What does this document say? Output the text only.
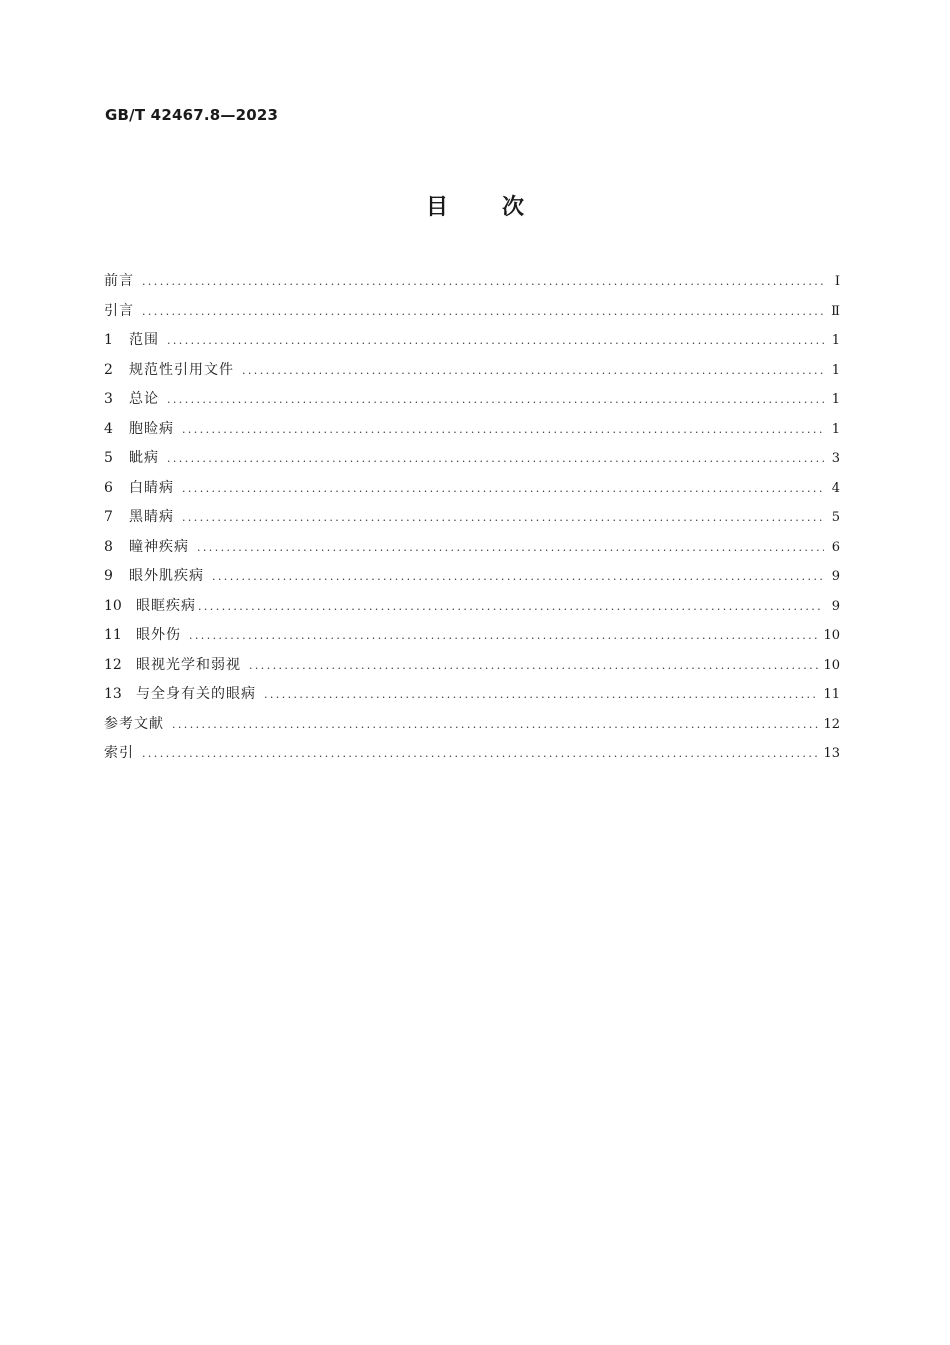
GB/T 42467.8—2023
目次
前言 .....	Ⅰ
引言 .....	Ⅱ
1	范围 .....	1
2	规范性引用文件 .....	1
3	总论 .....	1
4	胞睑病 .....	1
5	眦病 .....	3
6	白睛病 .....	4
7	黑睛病 .....	5
8	瞳神疾病 .....	6
9	眼外肌疾病 .....	9
10	眼眶疾病 .....	9
11	眼外伤 .....	10
12	眼视光学和弱视 .....	10
13	与全身有关的眼病 .....	11
参考文献 .....	12
索引 .....	13
